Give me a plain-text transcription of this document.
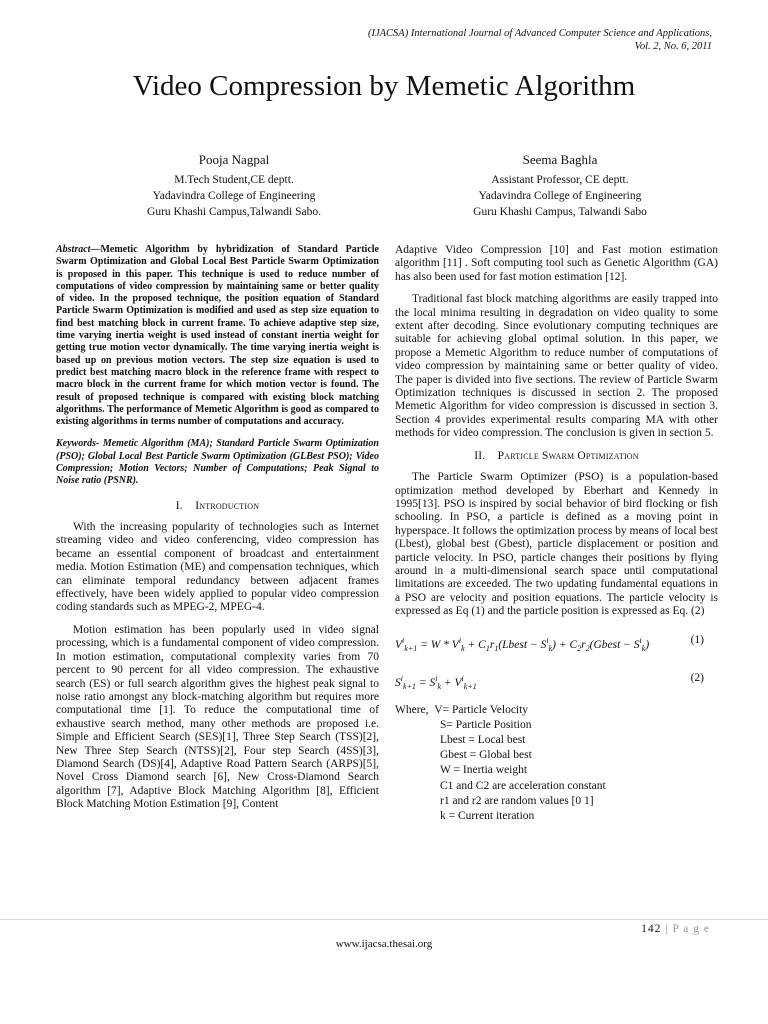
(IJACSA) International Journal of Advanced Computer Science and Applications,
Vol. 2, No. 6, 2011
Video Compression by Memetic Algorithm
Pooja Nagpal
M.Tech Student,CE deptt.
Yadavindra College of Engineering
Guru Khashi Campus,Talwandi Sabo.
Seema Baghla
Assistant Professor, CE deptt.
Yadavindra College of Engineering
Guru Khashi Campus, Talwandi Sabo

Abstract—Memetic Algorithm by hybridization of Standard Particle Swarm Optimization and Global Local Best Particle Swarm Optimization is proposed in this paper. This technique is used to reduce number of computations of video compression by maintaining same or better quality of video. In the proposed technique, the position equation of Standard Particle Swarm Optimization is modified and used as step size equation to find best matching block in current frame. To achieve adaptive step size, time varying inertia weight is used instead of constant inertia weight for getting true motion vector dynamically. The time varying inertia weight is based up on previous motion vectors. The step size equation is used to predict best matching macro block in the reference frame with respect to macro block in the current frame for which motion vector is found. The result of proposed technique is compared with existing block matching algorithms. The performance of Memetic Algorithm is good as compared to existing algorithms in terms number of computations and accuracy.

Keywords- Memetic Algorithm (MA); Standard Particle Swarm Optimization (PSO); Global Local Best Particle Swarm Optimization (GLBest PSO); Video Compression; Motion Vectors; Number of Computations; Peak Signal to Noise ratio (PSNR).

I. Introduction

With the increasing popularity of technologies such as Internet streaming video and video conferencing, video compression has became an essential component of broadcast and entertainment media. Motion Estimation (ME) and compensation techniques, which can eliminate temporal redundancy between adjacent frames effectively, have been widely applied to popular video compression coding standards such as MPEG-2, MPEG-4.

Motion estimation has been popularly used in video signal processing, which is a fundamental component of video compression. In motion estimation, computational complexity varies from 70 percent to 90 percent for all video compression. The exhaustive search (ES) or full search algorithm gives the highest peak signal to noise ratio amongst any block-matching algorithm but requires more computational time [1]. To reduce the computational time of exhaustive search method, many other methods are proposed i.e. Simple and Efficient Search (SES)[1], Three Step Search (TSS)[2], New Three Step Search (NTSS)[2], Four step Search (4SS)[3], Diamond Search (DS)[4], Adaptive Road Pattern Search (ARPS)[5], Novel Cross Diamond search [6], New Cross-Diamond Search algorithm [7], Adaptive Block Matching Algorithm [8], Efficient Block Matching Motion Estimation [9], Content

Adaptive Video Compression [10] and Fast motion estimation algorithm [11] . Soft computing tool such as Genetic Algorithm (GA) has also been used for fast motion estimation [12].

Traditional fast block matching algorithms are easily trapped into the local minima resulting in degradation on video quality to some extent after decoding. Since evolutionary computing techniques are suitable for achieving global optimal solution. In this paper, we propose a Memetic Algorithm to reduce number of computations of video compression by maintaining same or better quality of video. The paper is divided into five sections. The review of Particle Swarm Optimization techniques is discussed in section 2. The proposed Memetic Algorithm for video compression is discussed in section 3. Section 4 provides experimental results comparing MA with other methods for video compression. The conclusion is given in section 5.

II. Particle Swarm Optimization

The Particle Swarm Optimizer (PSO) is a population-based optimization method developed by Eberhart and Kennedy in 1995[13]. PSO is inspired by social behavior of bird flocking or fish schooling. In PSO, a particle is defined as a moving point in hyperspace. It follows the optimization process by means of local best (Lbest), global best (Gbest), particle displacement or position and particle velocity. In PSO, particle changes their positions by flying around in a multi-dimensional search space until computational limitations are exceeded. The two updating fundamental equations in a PSO are velocity and position equations. The particle velocity is expressed as Eq (1) and the particle position is expressed as Eq. (2)

$V^i_{k+1} = W * V^i_k$ + $C_1r_1(Lbest - S^i_k)$ + $C_2r_2(Gbest - S^i_k)$	(1)
$S^i_{k+1} = S^i_k + V^i_{k+1}$
(2)
Where, V= Particle Velocity
S= Particle Position
Lbest = Local best
Gbest = Global best
W = Inertia weight
C1 and C2 are acceleration constant
r1 and r2 are random values [0 1]
k = Current iteration
142 | P a g e
www.ijacsa.thesai.org
